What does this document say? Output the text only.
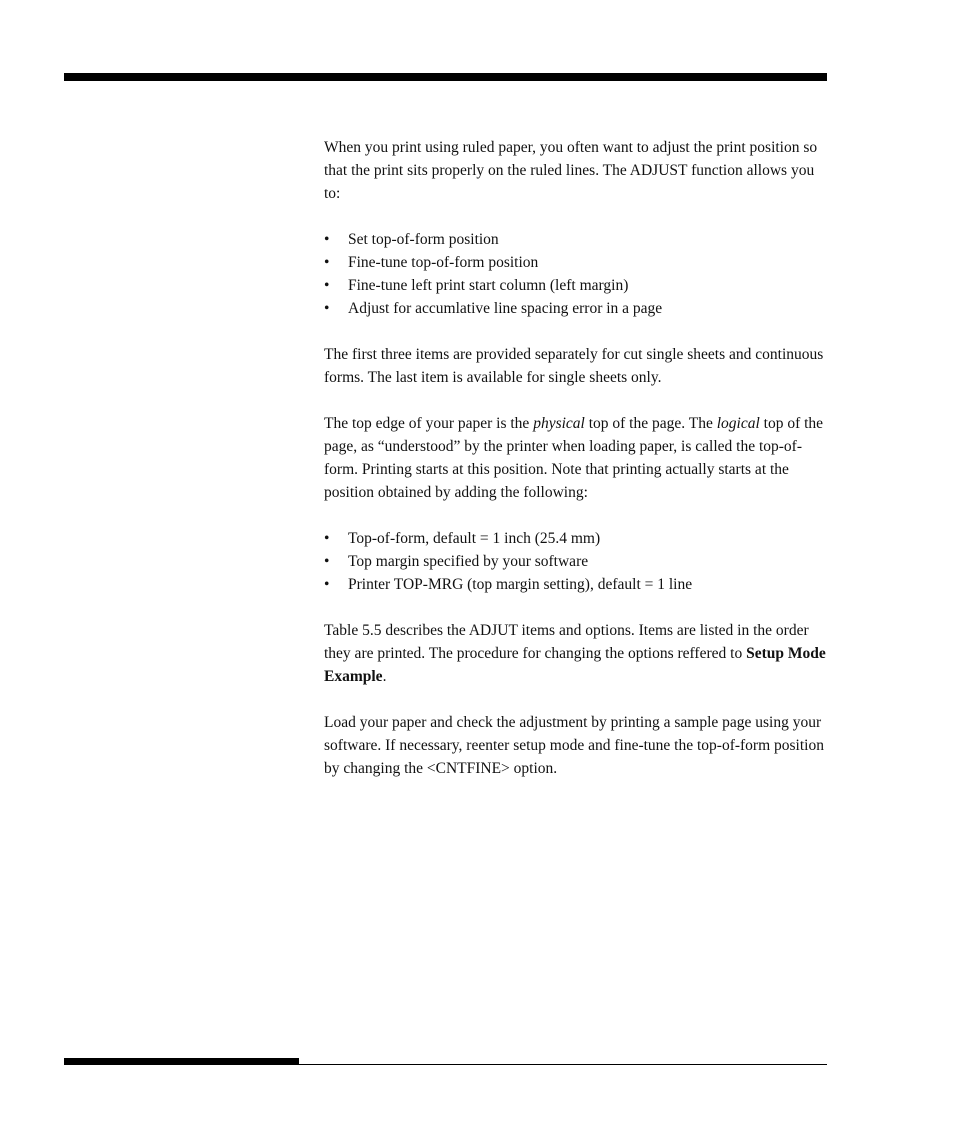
When you print using ruled paper, you often want to adjust the print position so that the print sits properly on the ruled lines. The ADJUST function allows you to:

• Set top-of-form position
• Fine-tune top-of-form position
• Fine-tune left print start column (left margin)
• Adjust for accumlative line spacing error in a page

The first three items are provided separately for cut single sheets and continuous forms. The last item is available for single sheets only.

The top edge of your paper is the physical top of the page. The logical top of the page, as “understood” by the printer when loading paper, is called the top-of-form. Printing starts at this position. Note that printing actually starts at the position obtained by adding the following:

• Top-of-form, default = 1 inch (25.4 mm)
• Top margin specified by your software
• Printer TOP-MRG (top margin setting), default = 1 line

Table 5.5 describes the ADJUT items and options. Items are listed in the order they are printed. The procedure for changing the options reffered to Setup Mode Example.

Load your paper and check the adjustment by printing a sample page using your software. If necessary, reenter setup mode and fine-tune the top-of-form position by changing the <CNTFINE> option.
